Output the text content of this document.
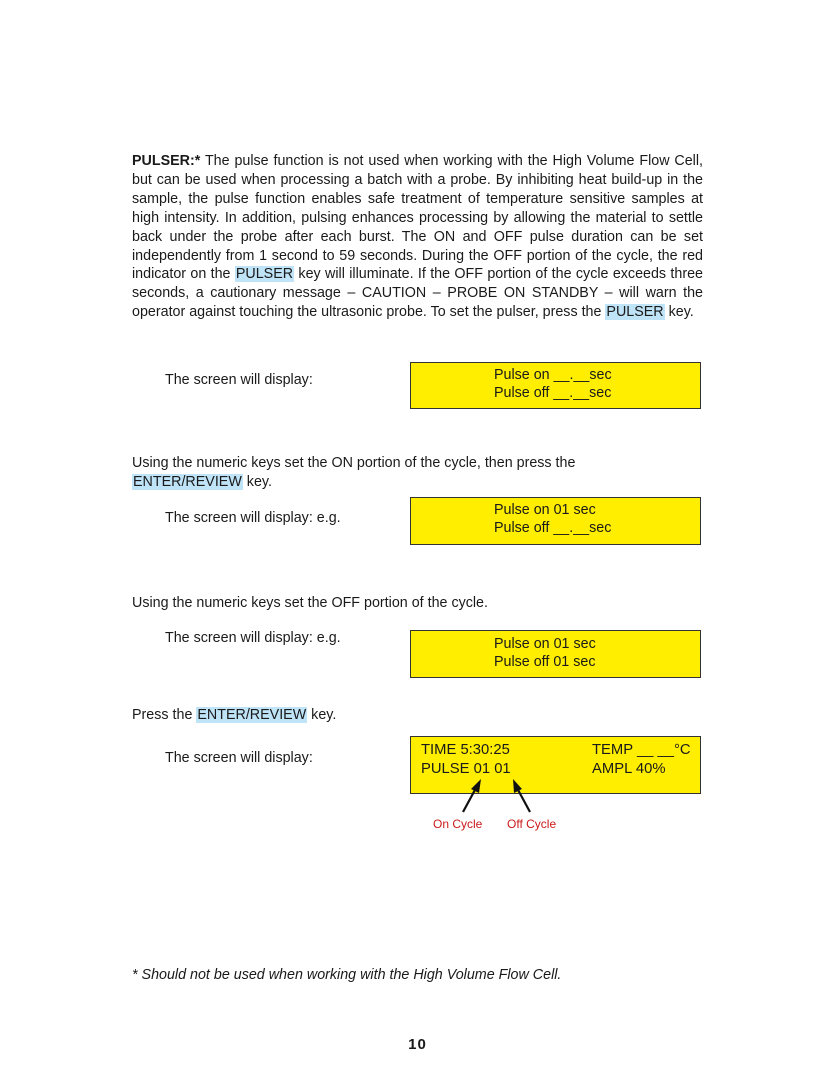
PULSER:* The pulse function is not used when working with the High Volume Flow Cell, but can be used when processing a batch with a probe. By inhibiting heat build-up in the sample, the pulse function enables safe treatment of temperature sensitive samples at high intensity. In addition, pulsing enhances processing by allowing the material to settle back under the probe after each burst. The ON and OFF pulse duration can be set independently from 1 second to 59 seconds. During the OFF portion of the cycle, the red indicator on the PULSER key will illuminate. If the OFF portion of the cycle exceeds three seconds, a cautionary message – CAUTION – PROBE ON STANDBY – will warn the operator against touching the ultrasonic probe. To set the pulser, press the PULSER key.

The screen will display:	Pulse on __.__sec
Pulse off __.__sec
Using the numeric keys set the ON portion of the cycle, then press the
ENTER/REVIEW key.
The screen will display: e.g.	Pulse on 01 sec
Pulse off __.__sec
Using the numeric keys set the OFF portion of the cycle.
The screen will display: e.g.	Pulse on 01 sec
Pulse off 01 sec
Press the ENTER/REVIEW key.
The screen will display:	TIME 5:30:25	TEMP __ __°C
PULSE 01 01	AMPL 40%
On Cycle Off Cycle
* Should not be used when working with the High Volume Flow Cell.
10
